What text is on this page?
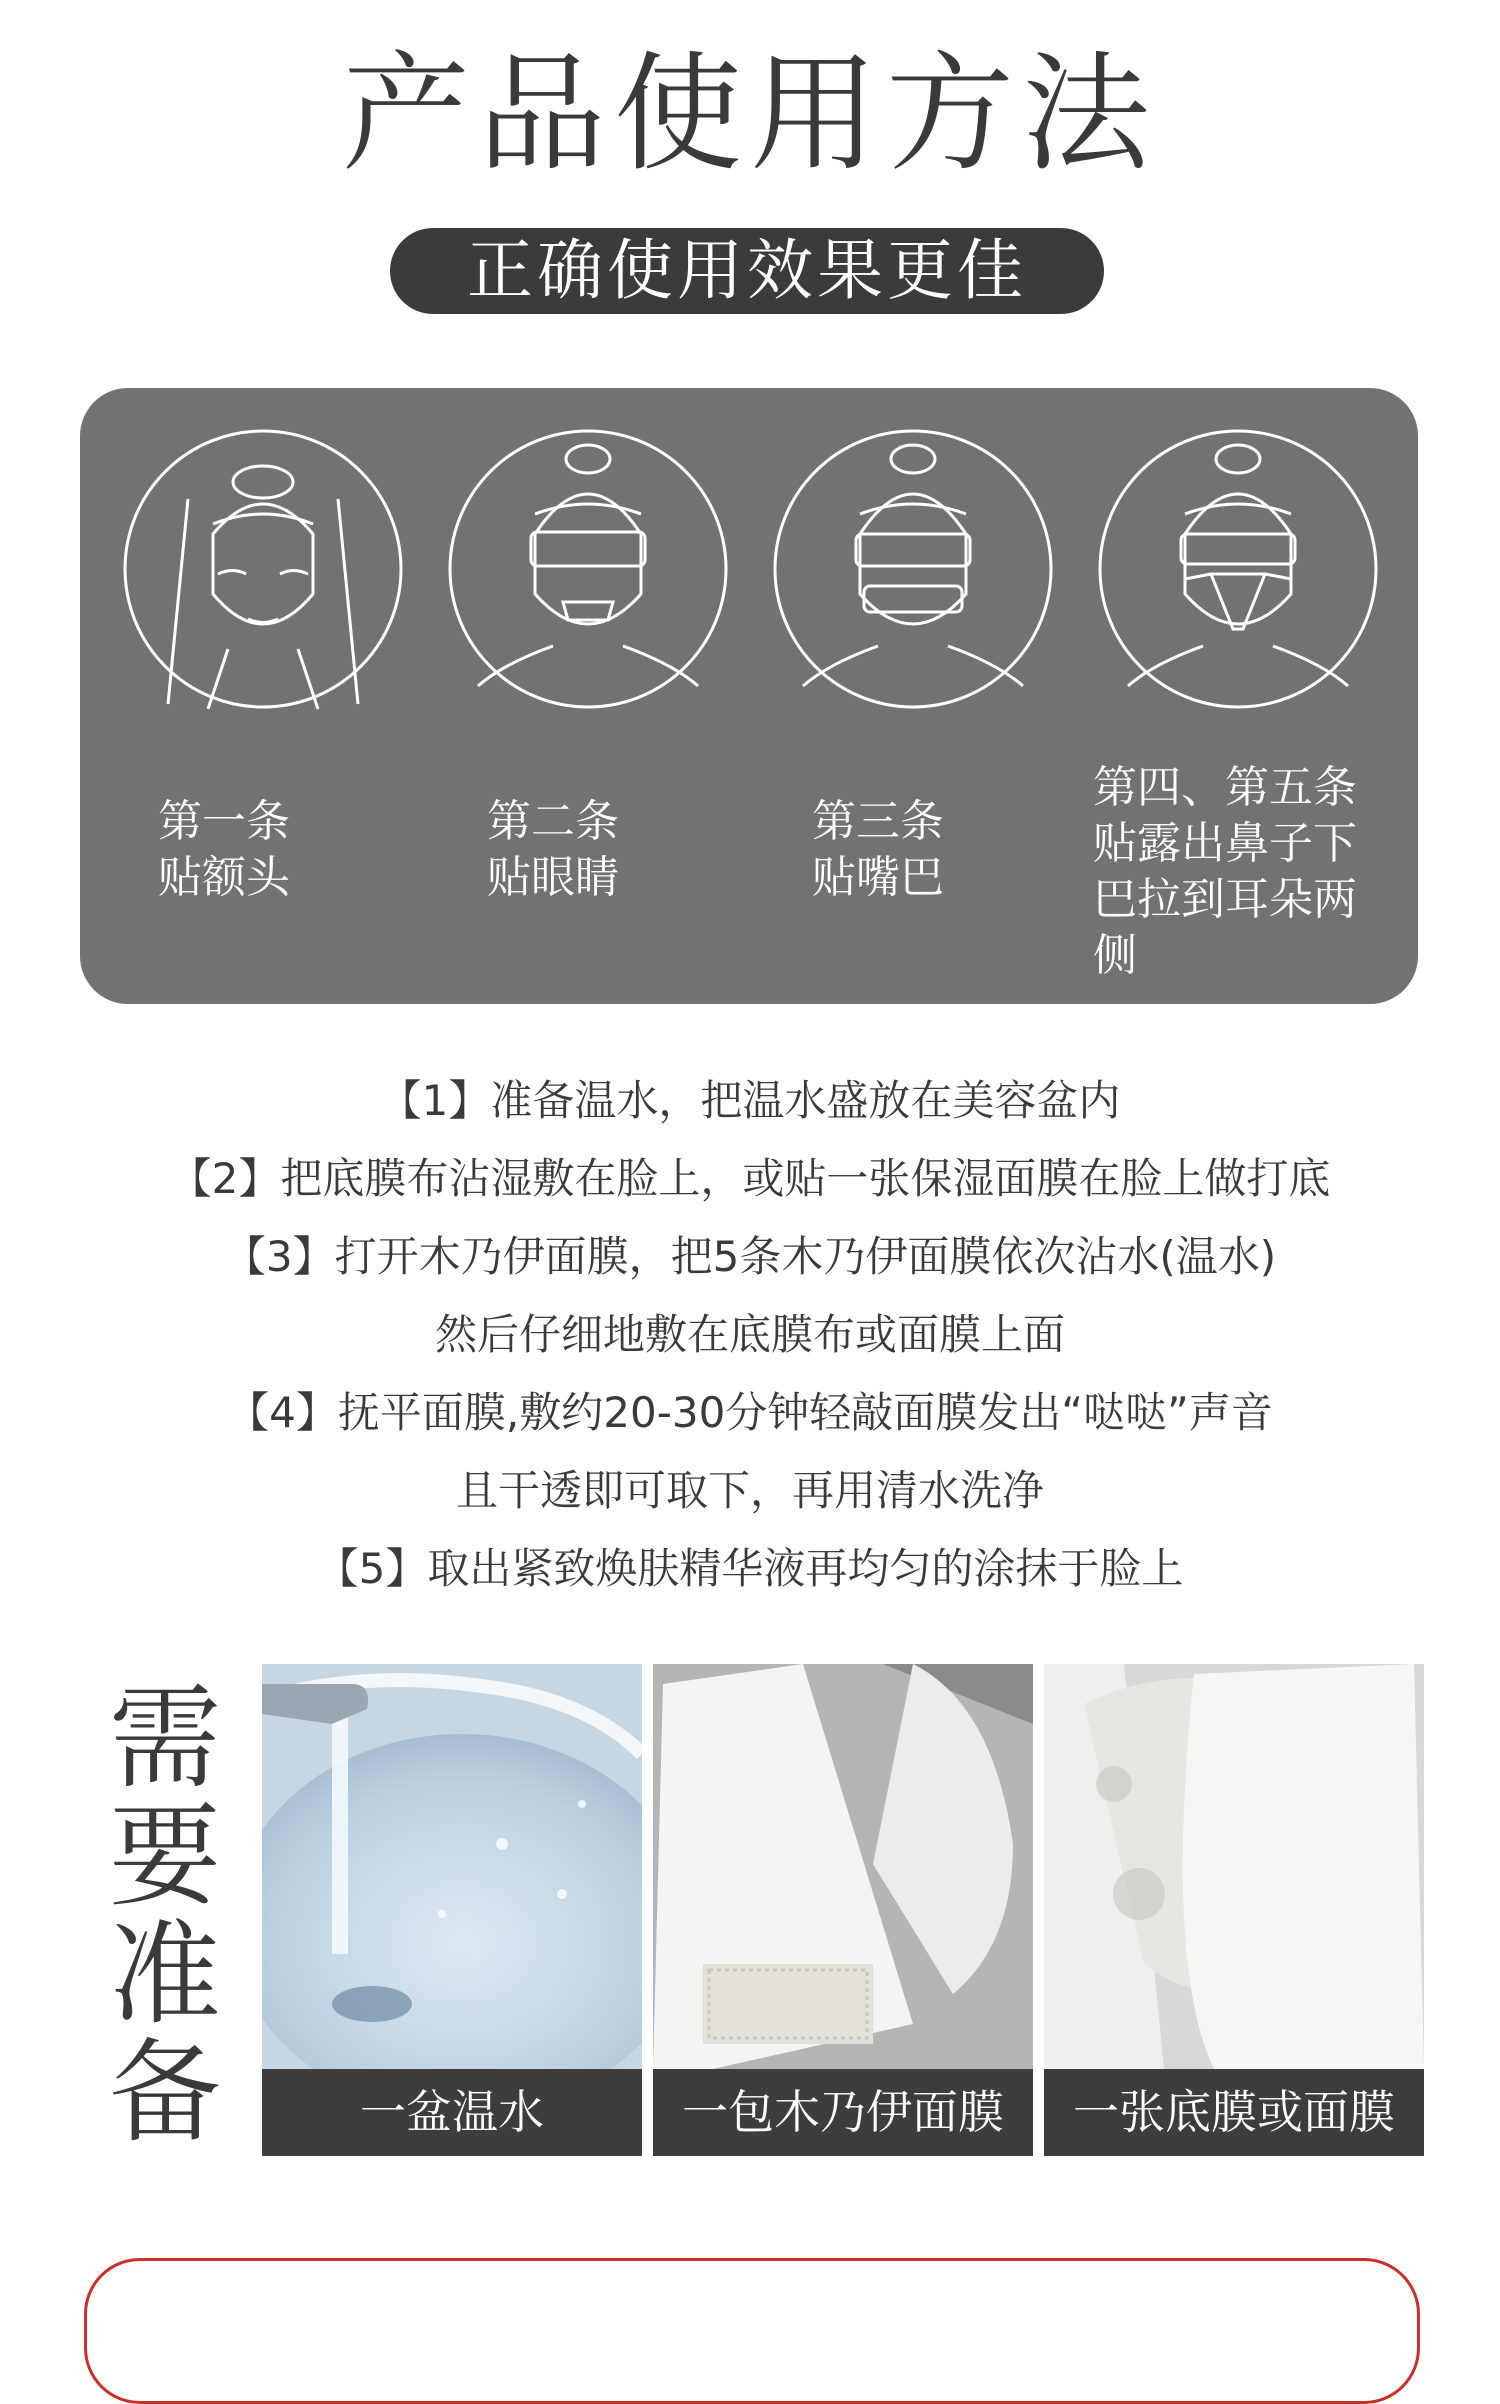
产品使用方法
正确使用效果更佳
第一条
贴额头
第二条
贴眼睛
第三条
贴嘴巴
第四、第五条
贴露出鼻子下
巴拉到耳朵两
侧
【1】准备温水，把温水盛放在美容盆内
【2】把底膜布沾湿敷在脸上，或贴一张保湿面膜在脸上做打底
【3】打开木乃伊面膜，把5条木乃伊面膜依次沾水(温水)
然后仔细地敷在底膜布或面膜上面
【4】抚平面膜,敷约20-30分钟轻敲面膜发出“哒哒”声音
且干透即可取下，再用清水洗净
【5】取出紧致焕肤精华液再均匀的涂抹于脸上
需
要
准
备	一盆温水	一包木乃伊面膜	一张底膜或面膜
